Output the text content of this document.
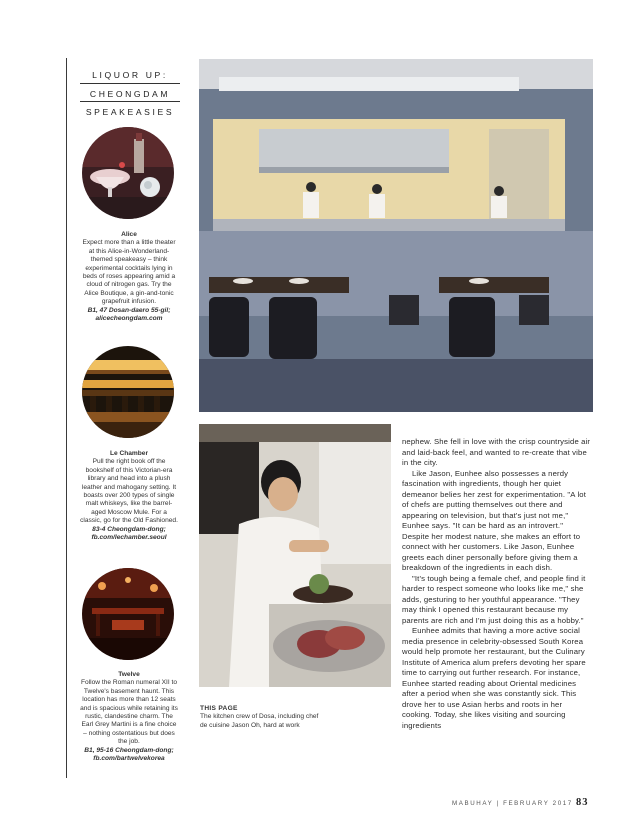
LIQUOR UP:
CHEONGDAM
SPEAKEASIES
Alice
Expect more than a little theater at this Alice-in-Wonderland-themed speakeasy – think experimental cocktails lying in beds of roses appearing amid a cloud of nitrogen gas. Try the Alice Boutique, a gin-and-tonic grapefruit infusion.
B1, 47 Dosan-daero 55-gil; alicecheongdam.com
Le Chamber
Pull the right book off the bookshelf of this Victorian-era library and head into a plush leather and mahogany setting. It boasts over 200 types of single malt whiskeys, like the barrel-aged Moscow Mule. For a classic, go for the Old Fashioned.
83-4 Cheongdam-dong; fb.com/lechamber.seoul
Twelve
Follow the Roman numeral XII to Twelve's basement haunt. This location has more than 12 seats and is spacious while retaining its rustic, clandestine charm. The Earl Grey Martini is a fine choice – nothing ostentatious but does the job.
B1, 95-16 Cheongdam-dong; fb.com/bartwelvekorea
THIS PAGE
The kitchen crew of Dosa, including chef de cuisine Jason Oh, hard at work

nephew. She fell in love with the crisp countryside air and laid-back feel, and wanted to re-create that vibe in the city.

Like Jason, Eunhee also possesses a nerdy fascination with ingredients, though her quiet demeanor belies her zest for experimentation. "A lot of chefs are putting themselves out there and appearing on television, but that's just not me," Eunhee says. "It can be hard as an introvert." Despite her modest nature, she makes an effort to connect with her customers. Like Jason, Eunhee greets each diner personally before giving them a breakdown of the ingredients in each dish.

"It's tough being a female chef, and people find it harder to respect someone who looks like me," she adds, gesturing to her youthful appearance. "They may think I opened this restaurant because my parents are rich and I'm just doing this as a hobby."

Eunhee admits that having a more active social media presence in celebrity-obsessed South Korea would help promote her restaurant, but the Culinary Institute of America alum prefers devoting her spare time to carrying out further research. For instance, Eunhee started reading about Oriental medicines after a period when she was constantly sick. This drove her to use Asian herbs and roots in her cooking. Today, she likes visiting and sourcing ingredients

MABUHAY | FEBRUARY 2017 83
